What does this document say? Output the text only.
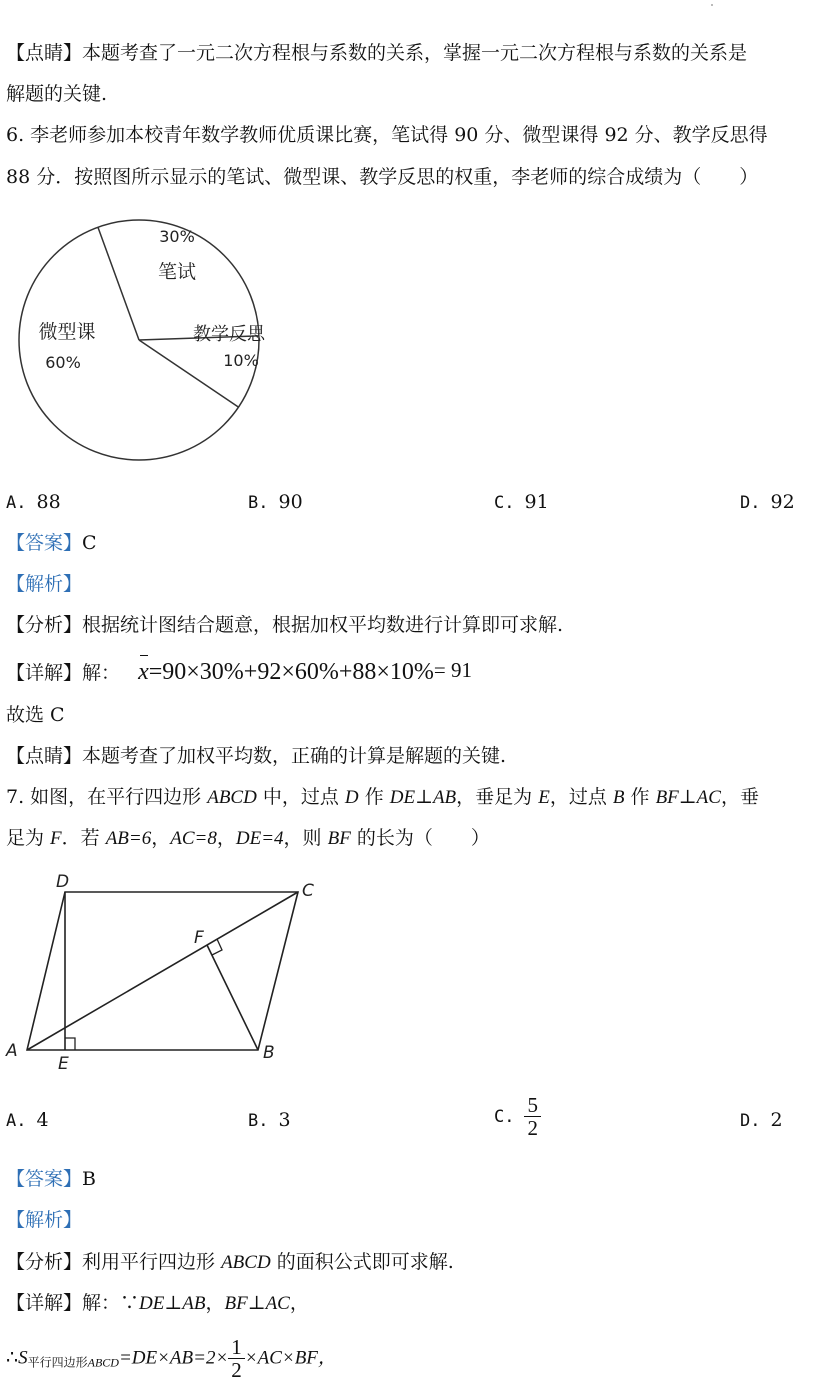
【点睛】本题考查了一元二次方程根与系数的关系，掌握一元二次方程根与系数的关系是
解题的关键.
6. 李老师参加本校青年数学教师优质课比赛，笔试得 90 分、微型课得 92 分、教学反思得
88 分．按照图所示显示的笔试、微型课、教学反思的权重，李老师的综合成绩为（　　）
笔试
30%
教学反思
10%
微型课
60%
A. 88	B. 90	C. 91	D. 92
【答案】C
【解析】
【分析】根据统计图结合题意，根据加权平均数进行计算即可求解.
【详解】解： x=90×30%+92×60%+88×10%= 91
故选 C
【点睛】本题考查了加权平均数，正确的计算是解题的关键.
7. 如图，在平行四边形 ABCD 中，过点 D 作 DE⊥AB，垂足为 E，过点 B 作 BF⊥AC，垂
足为 F．若 AB=6，AC=8，DE=4，则 BF 的长为（　　）
A	B
C
D
E
F
A. 4	B. 3	C. $\frac{5}{2}$	D. 2
【答案】B
【解析】
【分析】利用平行四边形 ABCD 的面积公式即可求解.
【详解】解：∵DE⊥AB，BF⊥AC，
$\therefore S_{平行四边形ABCD}=DE\times AB=2\times \frac{1}{2} \times AC\times BF$，
